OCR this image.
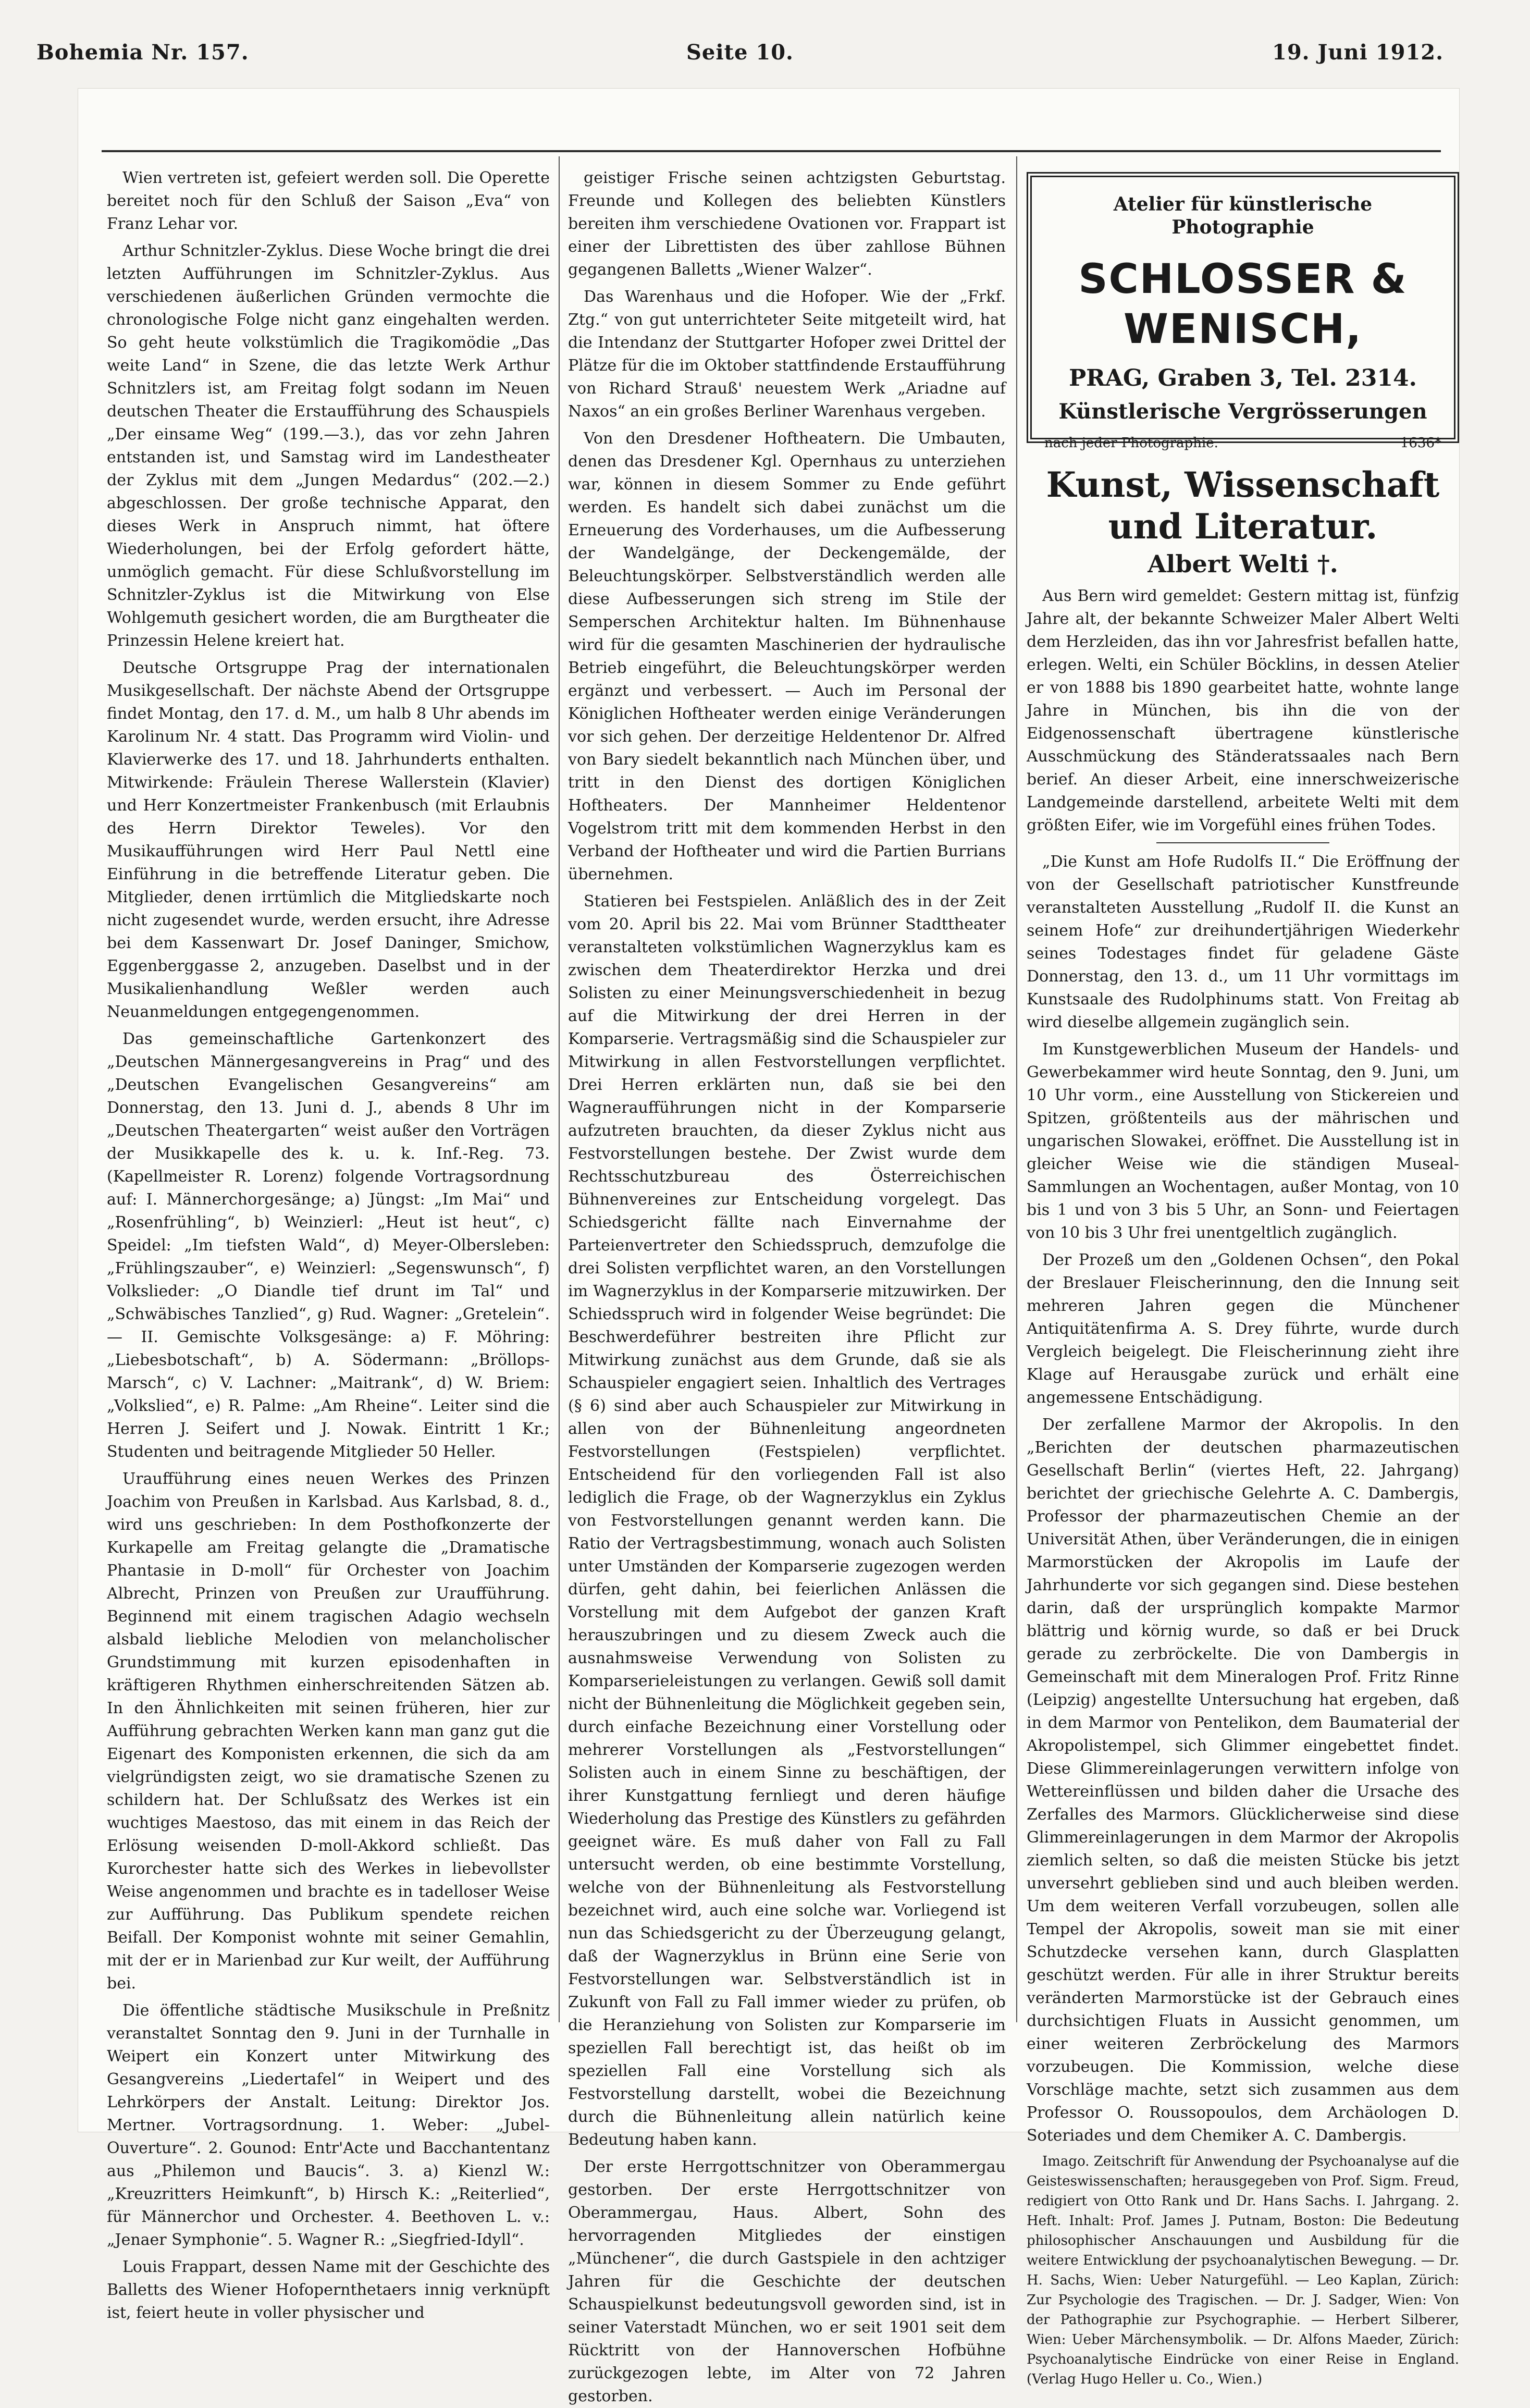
Bohemia Nr. 157.	Seite 10.	19. Juni 1912.

Wien vertreten ist, gefeiert werden soll. Die Operette bereitet noch für den Schluß der Saison „Eva“ von Franz Lehar vor.

Arthur Schnitzler-Zyklus. Diese Woche bringt die drei letzten Aufführungen im Schnitzler-Zyklus. Aus verschiedenen äußerlichen Gründen vermochte die chronologische Folge nicht ganz eingehalten werden. So geht heute volkstümlich die Tragikomödie „Das weite Land“ in Szene, die das letzte Werk Arthur Schnitzlers ist, am Freitag folgt sodann im Neuen deutschen Theater die Erstaufführung des Schauspiels „Der einsame Weg“ (199.—3.), das vor zehn Jahren entstanden ist, und Samstag wird im Landestheater der Zyklus mit dem „Jungen Medardus“ (202.—2.) abgeschlossen. Der große technische Apparat, den dieses Werk in Anspruch nimmt, hat öftere Wiederholungen, bei der Erfolg gefordert hätte, unmöglich gemacht. Für diese Schlußvorstellung im Schnitzler-Zyklus ist die Mitwirkung von Else Wohlgemuth gesichert worden, die am Burgtheater die Prinzessin Helene kreiert hat.

Deutsche Ortsgruppe Prag der internationalen Musikgesellschaft. Der nächste Abend der Ortsgruppe findet Montag, den 17. d. M., um halb 8 Uhr abends im Karolinum Nr. 4 statt. Das Programm wird Violin- und Klavierwerke des 17. und 18. Jahrhunderts enthalten. Mitwirkende: Fräulein Therese Wallerstein (Klavier) und Herr Konzertmeister Frankenbusch (mit Erlaubnis des Herrn Direktor Teweles). Vor den Musikaufführungen wird Herr Paul Nettl eine Einführung in die betreffende Literatur geben. Die Mitglieder, denen irrtümlich die Mitgliedskarte noch nicht zugesendet wurde, werden ersucht, ihre Adresse bei dem Kassenwart Dr. Josef Daninger, Smichow, Eggenberggasse 2, anzugeben. Daselbst und in der Musikalienhandlung Weßler werden auch Neuanmeldungen entgegengenommen.

Das gemeinschaftliche Gartenkonzert des „Deutschen Männergesangvereins in Prag“ und des „Deutschen Evangelischen Gesangvereins“ am Donnerstag, den 13. Juni d. J., abends 8 Uhr im „Deutschen Theatergarten“ weist außer den Vorträgen der Musikkapelle des k. u. k. Inf.-Reg. 73. (Kapellmeister R. Lorenz) folgende Vortragsordnung auf: I. Männerchorgesänge; a) Jüngst: „Im Mai“ und „Rosenfrühling“, b) Weinzierl: „Heut ist heut“, c) Speidel: „Im tiefsten Wald“, d) Meyer-Olbersleben: „Frühlingszauber“, e) Weinzierl: „Segenswunsch“, f) Volkslieder: „O Diandle tief drunt im Tal“ und „Schwäbisches Tanzlied“, g) Rud. Wagner: „Gretelein“. — II. Gemischte Volksgesänge: a) F. Möhring: „Liebesbotschaft“, b) A. Södermann: „Bröllops-Marsch“, c) V. Lachner: „Maitrank“, d) W. Briem: „Volkslied“, e) R. Palme: „Am Rheine“. Leiter sind die Herren J. Seifert und J. Nowak. Eintritt 1 Kr.; Studenten und beitragende Mitglieder 50 Heller.

Uraufführung eines neuen Werkes des Prinzen Joachim von Preußen in Karlsbad. Aus Karlsbad, 8. d., wird uns geschrieben: In dem Posthofkonzerte der Kurkapelle am Freitag gelangte die „Dramatische Phantasie in D-moll“ für Orchester von Joachim Albrecht, Prinzen von Preußen zur Uraufführung. Beginnend mit einem tragischen Adagio wechseln alsbald liebliche Melodien von melancholischer Grundstimmung mit kurzen episodenhaften in kräftigeren Rhythmen einherschreitenden Sätzen ab. In den Ähnlichkeiten mit seinen früheren, hier zur Aufführung gebrachten Werken kann man ganz gut die Eigenart des Komponisten erkennen, die sich da am vielgründigsten zeigt, wo sie dramatische Szenen zu schildern hat. Der Schlußsatz des Werkes ist ein wuchtiges Maestoso, das mit einem in das Reich der Erlösung weisenden D-moll-Akkord schließt. Das Kurorchester hatte sich des Werkes in liebevollster Weise angenommen und brachte es in tadelloser Weise zur Aufführung. Das Publikum spendete reichen Beifall. Der Komponist wohnte mit seiner Gemahlin, mit der er in Marienbad zur Kur weilt, der Aufführung bei.

Die öffentliche städtische Musikschule in Preßnitz veranstaltet Sonntag den 9. Juni in der Turnhalle in Weipert ein Konzert unter Mitwirkung des Gesangvereins „Liedertafel“ in Weipert und des Lehrkörpers der Anstalt. Leitung: Direktor Jos. Mertner. Vortragsordnung. 1. Weber: „Jubel-Ouverture“. 2. Gounod: Entr'Acte und Bacchantentanz aus „Philemon und Baucis“. 3. a) Kienzl W.: „Kreuzritters Heimkunft“, b) Hirsch K.: „Reiterlied“, für Männerchor und Orchester. 4. Beethoven L. v.: „Jenaer Symphonie“. 5. Wagner R.: „Siegfried-Idyll“.

Louis Frappart, dessen Name mit der Geschichte des Balletts des Wiener Hofopernthetaers innig verknüpft ist, feiert heute in voller physischer und

geistiger Frische seinen achtzigsten Geburtstag. Freunde und Kollegen des beliebten Künstlers bereiten ihm verschiedene Ovationen vor. Frappart ist einer der Librettisten des über zahllose Bühnen gegangenen Balletts „Wiener Walzer“.

Das Warenhaus und die Hofoper. Wie der „Frkf. Ztg.“ von gut unterrichteter Seite mitgeteilt wird, hat die Intendanz der Stuttgarter Hofoper zwei Drittel der Plätze für die im Oktober stattfindende Erstaufführung von Richard Strauß' neuestem Werk „Ariadne auf Naxos“ an ein großes Berliner Warenhaus vergeben.

Von den Dresdener Hoftheatern. Die Umbauten, denen das Dresdener Kgl. Opernhaus zu unterziehen war, können in diesem Sommer zu Ende geführt werden. Es handelt sich dabei zunächst um die Erneuerung des Vorderhauses, um die Aufbesserung der Wandelgänge, der Deckengemälde, der Beleuchtungskörper. Selbstverständlich werden alle diese Aufbesserungen sich streng im Stile der Semperschen Architektur halten. Im Bühnenhause wird für die gesamten Maschinerien der hydraulische Betrieb eingeführt, die Beleuchtungskörper werden ergänzt und verbessert. — Auch im Personal der Königlichen Hoftheater werden einige Veränderungen vor sich gehen. Der derzeitige Heldentenor Dr. Alfred von Bary siedelt bekanntlich nach München über, und tritt in den Dienst des dortigen Königlichen Hoftheaters. Der Mannheimer Heldentenor Vogelstrom tritt mit dem kommenden Herbst in den Verband der Hoftheater und wird die Partien Burrians übernehmen.

Statieren bei Festspielen. Anläßlich des in der Zeit vom 20. April bis 22. Mai vom Brünner Stadttheater veranstalteten volkstümlichen Wagnerzyklus kam es zwischen dem Theaterdirektor Herzka und drei Solisten zu einer Meinungsverschiedenheit in bezug auf die Mitwirkung der drei Herren in der Komparserie. Vertragsmäßig sind die Schauspieler zur Mitwirkung in allen Festvorstellungen verpflichtet. Drei Herren erklärten nun, daß sie bei den Wagneraufführungen nicht in der Komparserie aufzutreten brauchten, da dieser Zyklus nicht aus Festvorstellungen bestehe. Der Zwist wurde dem Rechtsschutzbureau des Österreichischen Bühnenvereines zur Entscheidung vorgelegt. Das Schiedsgericht fällte nach Einvernahme der Parteienvertreter den Schiedsspruch, demzufolge die drei Solisten verpflichtet waren, an den Vorstellungen im Wagnerzyklus in der Komparserie mitzuwirken. Der Schiedsspruch wird in folgender Weise begründet: Die Beschwerdeführer bestreiten ihre Pflicht zur Mitwirkung zunächst aus dem Grunde, daß sie als Schauspieler engagiert seien. Inhaltlich des Vertrages (§ 6) sind aber auch Schauspieler zur Mitwirkung in allen von der Bühnenleitung angeordneten Festvorstellungen (Festspielen) verpflichtet. Entscheidend für den vorliegenden Fall ist also lediglich die Frage, ob der Wagnerzyklus ein Zyklus von Festvorstellungen genannt werden kann. Die Ratio der Vertragsbestimmung, wonach auch Solisten unter Umständen der Komparserie zugezogen werden dürfen, geht dahin, bei feierlichen Anlässen die Vorstellung mit dem Aufgebot der ganzen Kraft herauszubringen und zu diesem Zweck auch die ausnahmsweise Verwendung von Solisten zu Komparserieleistungen zu verlangen. Gewiß soll damit nicht der Bühnenleitung die Möglichkeit gegeben sein, durch einfache Bezeichnung einer Vorstellung oder mehrerer Vorstellungen als „Festvorstellungen“ Solisten auch in einem Sinne zu beschäftigen, der ihrer Kunstgattung fernliegt und deren häufige Wiederholung das Prestige des Künstlers zu gefährden geeignet wäre. Es muß daher von Fall zu Fall untersucht werden, ob eine bestimmte Vorstellung, welche von der Bühnenleitung als Festvorstellung bezeichnet wird, auch eine solche war. Vorliegend ist nun das Schiedsgericht zu der Überzeugung gelangt, daß der Wagnerzyklus in Brünn eine Serie von Festvorstellungen war. Selbstverständlich ist in Zukunft von Fall zu Fall immer wieder zu prüfen, ob die Heranziehung von Solisten zur Komparserie im speziellen Fall berechtigt ist, das heißt ob im speziellen Fall eine Vorstellung sich als Festvorstellung darstellt, wobei die Bezeichnung durch die Bühnenleitung allein natürlich keine Bedeutung haben kann.

Der erste Herrgottschnitzer von Oberammergau gestorben. Der erste Herrgottschnitzer von Oberammergau, Haus. Albert, Sohn des hervorragenden Mitgliedes der einstigen „Münchener“, die durch Gastspiele in den achtziger Jahren für die Geschichte der deutschen Schauspielkunst bedeutungsvoll geworden sind, ist in seiner Vaterstadt München, wo er seit 1901 seit dem Rücktritt von der Hannoverschen Hofbühne zurückgezogen lebte, im Alter von 72 Jahren gestorben.

Atelier für künstlerische Photographie
SCHLOSSER & WENISCH,
PRAG, Graben 3, Tel. 2314.
Künstlerische Vergrösserungen
nach jeder Photographie.	1636*
Kunst, Wissenschaft und Literatur.
Albert Welti †.

Aus Bern wird gemeldet: Gestern mittag ist, fünfzig Jahre alt, der bekannte Schweizer Maler Albert Welti dem Herzleiden, das ihn vor Jahresfrist befallen hatte, erlegen. Welti, ein Schüler Böcklins, in dessen Atelier er von 1888 bis 1890 gearbeitet hatte, wohnte lange Jahre in München, bis ihn die von der Eidgenossenschaft übertragene künstlerische Ausschmückung des Ständeratssaales nach Bern berief. An dieser Arbeit, eine innerschweizerische Landgemeinde darstellend, arbeitete Welti mit dem größten Eifer, wie im Vorgefühl eines frühen Todes.

„Die Kunst am Hofe Rudolfs II.“ Die Eröffnung der von der Gesellschaft patriotischer Kunstfreunde veranstalteten Ausstellung „Rudolf II. die Kunst an seinem Hofe“ zur dreihundertjährigen Wiederkehr seines Todestages findet für geladene Gäste Donnerstag, den 13. d., um 11 Uhr vormittags im Kunstsaale des Rudolphinums statt. Von Freitag ab wird dieselbe allgemein zugänglich sein.

Im Kunstgewerblichen Museum der Handels- und Gewerbekammer wird heute Sonntag, den 9. Juni, um 10 Uhr vorm., eine Ausstellung von Stickereien und Spitzen, größtenteils aus der mährischen und ungarischen Slowakei, eröffnet. Die Ausstellung ist in gleicher Weise wie die ständigen Museal-Sammlungen an Wochentagen, außer Montag, von 10 bis 1 und von 3 bis 5 Uhr, an Sonn- und Feiertagen von 10 bis 3 Uhr frei unentgeltlich zugänglich.

Der Prozeß um den „Goldenen Ochsen“, den Pokal der Breslauer Fleischerinnung, den die Innung seit mehreren Jahren gegen die Münchener Antiquitätenfirma A. S. Drey führte, wurde durch Vergleich beigelegt. Die Fleischerinnung zieht ihre Klage auf Herausgabe zurück und erhält eine angemessene Entschädigung.

Der zerfallene Marmor der Akropolis. In den „Berichten der deutschen pharmazeutischen Gesellschaft Berlin“ (viertes Heft, 22. Jahrgang) berichtet der griechische Gelehrte A. C. Dambergis, Professor der pharmazeutischen Chemie an der Universität Athen, über Veränderungen, die in einigen Marmorstücken der Akropolis im Laufe der Jahrhunderte vor sich gegangen sind. Diese bestehen darin, daß der ursprünglich kompakte Marmor blättrig und körnig wurde, so daß er bei Druck gerade zu zerbröckelte. Die von Dambergis in Gemeinschaft mit dem Mineralogen Prof. Fritz Rinne (Leipzig) angestellte Untersuchung hat ergeben, daß in dem Marmor von Pentelikon, dem Baumaterial der Akropolistempel, sich Glimmer eingebettet findet. Diese Glimmereinlagerungen verwittern infolge von Wettereinflüssen und bilden daher die Ursache des Zerfalles des Marmors. Glücklicherweise sind diese Glimmereinlagerungen in dem Marmor der Akropolis ziemlich selten, so daß die meisten Stücke bis jetzt unversehrt geblieben sind und auch bleiben werden. Um dem weiteren Verfall vorzubeugen, sollen alle Tempel der Akropolis, soweit man sie mit einer Schutzdecke versehen kann, durch Glasplatten geschützt werden. Für alle in ihrer Struktur bereits veränderten Marmorstücke ist der Gebrauch eines durchsichtigen Fluats in Aussicht genommen, um einer weiteren Zerbröckelung des Marmors vorzubeugen. Die Kommission, welche diese Vorschläge machte, setzt sich zusammen aus dem Professor O. Roussopoulos, dem Archäologen D. Soteriades und dem Chemiker A. C. Dambergis.

Imago. Zeitschrift für Anwendung der Psychoanalyse auf die Geisteswissenschaften; herausgegeben von Prof. Sigm. Freud, redigiert von Otto Rank und Dr. Hans Sachs. I. Jahrgang. 2. Heft. Inhalt: Prof. James J. Putnam, Boston: Die Bedeutung philosophischer Anschauungen und Ausbildung für die weitere Entwicklung der psychoanalytischen Bewegung. — Dr. H. Sachs, Wien: Ueber Naturgefühl. — Leo Kaplan, Zürich: Zur Psychologie des Tragischen. — Dr. J. Sadger, Wien: Von der Pathographie zur Psychographie. — Herbert Silberer, Wien: Ueber Märchensymbolik. — Dr. Alfons Maeder, Zürich: Psychoanalytische Eindrücke von einer Reise in England. (Verlag Hugo Heller u. Co., Wien.)
